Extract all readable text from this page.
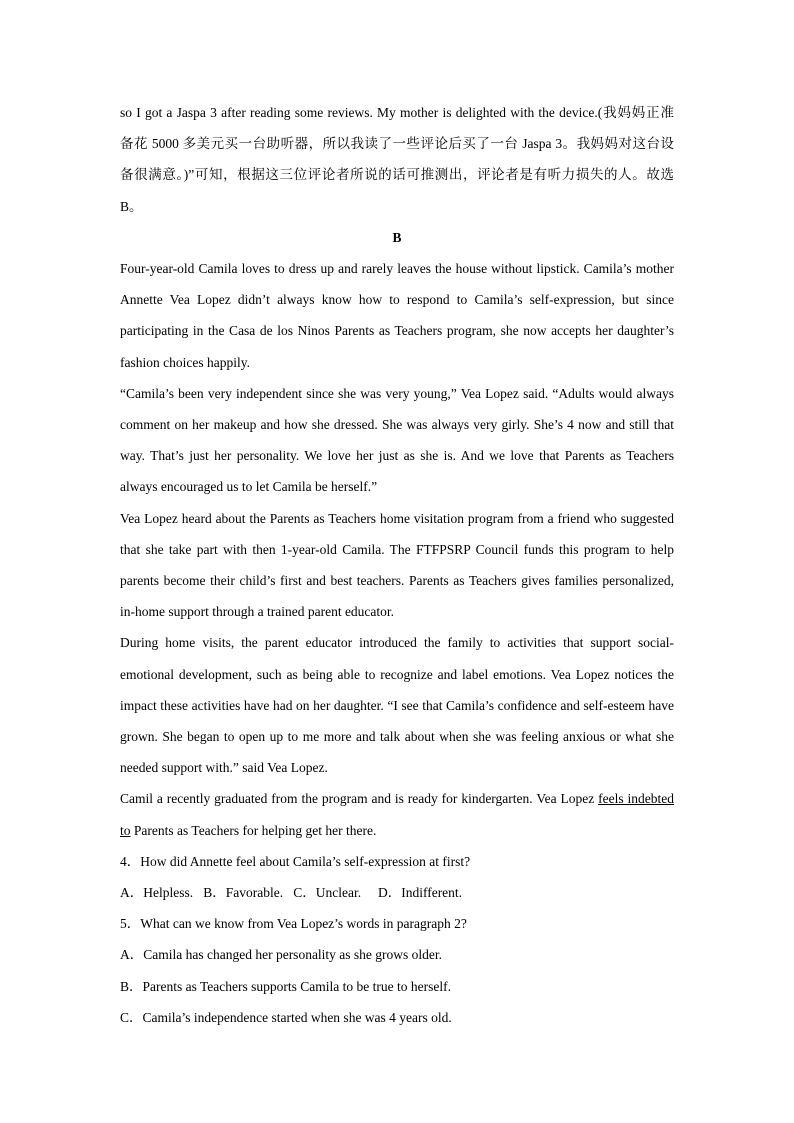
so I got a Jaspa 3 after reading some reviews. My mother is delighted with the device.(我妈妈正准

备花 5000 多美元买一台助听器，所以我读了一些评论后买了一台 Jaspa 3。我妈妈对这台设

备很满意。)”可知，根据这三位评论者所说的话可推测出，评论者是有听力损失的人。故选

B。

B

Four-year-old Camila loves to dress up and rarely leaves the house without lipstick. Camila’s mother Annette Vea Lopez didn’t always know how to respond to Camila’s self-expression, but since participating in the Casa de los Ninos Parents as Teachers program, she now accepts her daughter’s fashion choices happily.

“Camila’s been very independent since she was very young,” Vea Lopez said. “Adults would always comment on her makeup and how she dressed. She was always very girly. She’s 4 now and still that way. That’s just her personality. We love her just as she is. And we love that Parents as Teachers always encouraged us to let Camila be herself.”

Vea Lopez heard about the Parents as Teachers home visitation program from a friend who suggested that she take part with then 1-year-old Camila. The FTFPSRP Council funds this program to help parents become their child’s first and best teachers. Parents as Teachers gives families personalized, in-home support through a trained parent educator.

During home visits, the parent educator introduced the family to activities that support social-emotional development, such as being able to recognize and label emotions. Vea Lopez notices the impact these activities have had on her daughter. “I see that Camila’s confidence and self-esteem have grown. She began to open up to me more and talk about when she was feeling anxious or what she needed support with.” said Vea Lopez.

Camil a recently graduated from the program and is ready for kindergarten. Vea Lopez feels indebted to Parents as Teachers for helping get her there.

4．How did Annette feel about Camila’s self-expression at first?

A．Helpless.   B．Favorable.   C．Unclear.     D．Indifferent.

5．What can we know from Vea Lopez’s words in paragraph 2?

A．Camila has changed her personality as she grows older.

B．Parents as Teachers supports Camila to be true to herself.

C．Camila’s independence started when she was 4 years old.
